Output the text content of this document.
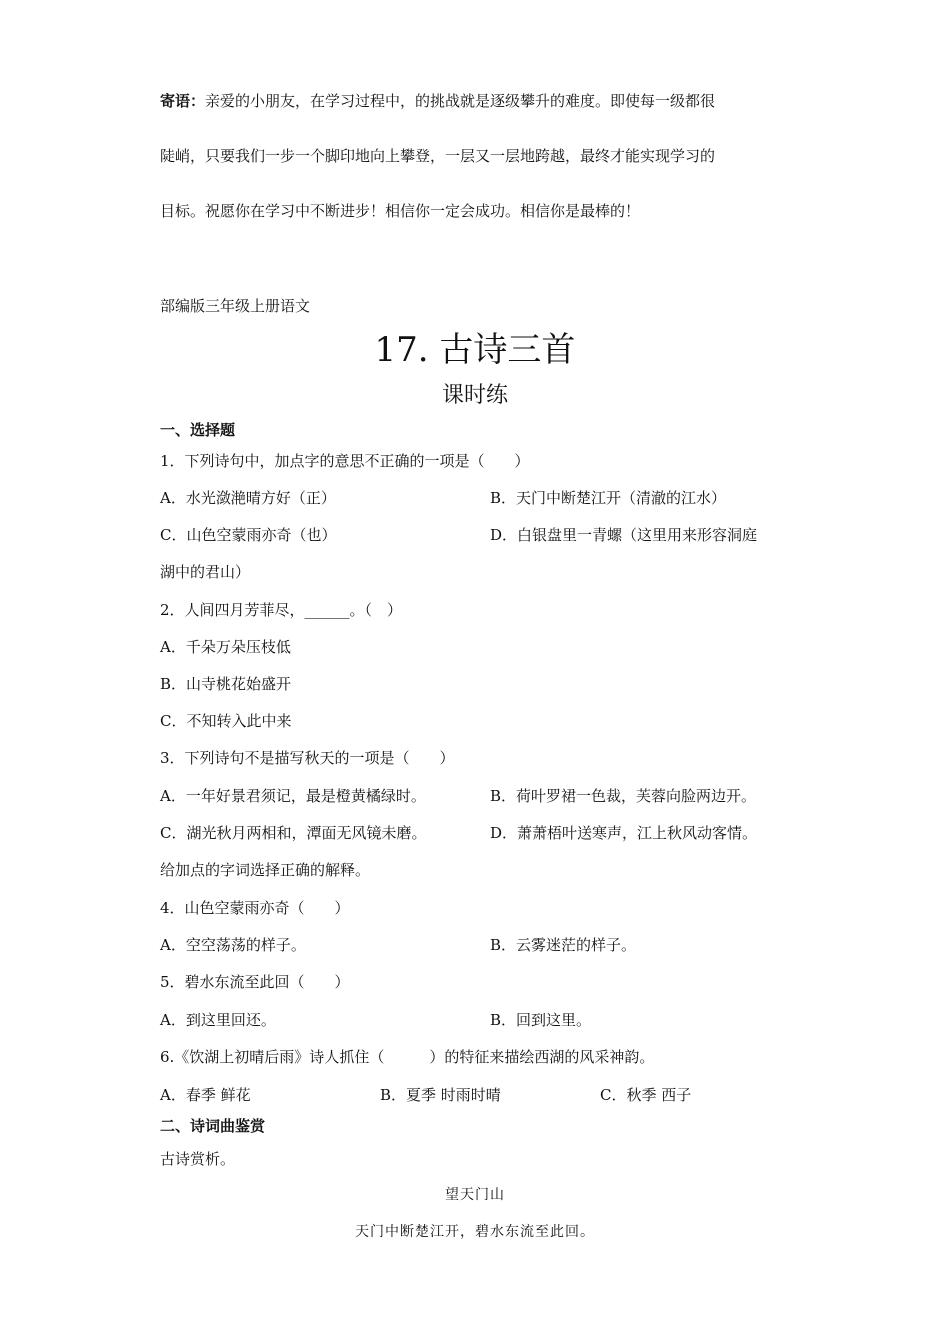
寄语：亲爱的小朋友，在学习过程中，的挑战就是逐级攀升的难度。即使每一级都很
陡峭，只要我们一步一个脚印地向上攀登，一层又一层地跨越，最终才能实现学习的
目标。祝愿你在学习中不断进步！相信你一定会成功。相信你是最棒的！
部编版三年级上册语文
17. 古诗三首
课时练
一、选择题
1．下列诗句中，加点字的意思不正确的一项是（　　）
A．水光潋滟晴方好（正）	B．天门中断楚江开（清澈的江水）
C．山色空蒙雨亦奇（也）	D．白银盘里一青螺（这里用来形容洞庭
湖中的君山）
2．人间四月芳菲尽，______。（　）
A．千朵万朵压枝低
B．山寺桃花始盛开
C．不知转入此中来
3．下列诗句不是描写秋天的一项是（　　）
A．一年好景君须记，最是橙黄橘绿时。	B．荷叶罗裙一色裁，芙蓉向脸两边开。
C．湖光秋月两相和，潭面无风镜未磨。	D．萧萧梧叶送寒声，江上秋风动客情。
给加点的字词选择正确的解释。
4．山色空蒙雨亦奇（　　）
A．空空荡荡的样子。	B．云雾迷茫的样子。
5．碧水东流至此回（　　）
A．到这里回还。	B．回到这里。
6.《饮湖上初晴后雨》诗人抓住（　　　）的特征来描绘西湖的风采神韵。
A．春季 鲜花	B．夏季 时雨时晴	C．秋季 西子
二、诗词曲鉴赏
古诗赏析。
望天门山
天门中断楚江开，碧水东流至此回。
